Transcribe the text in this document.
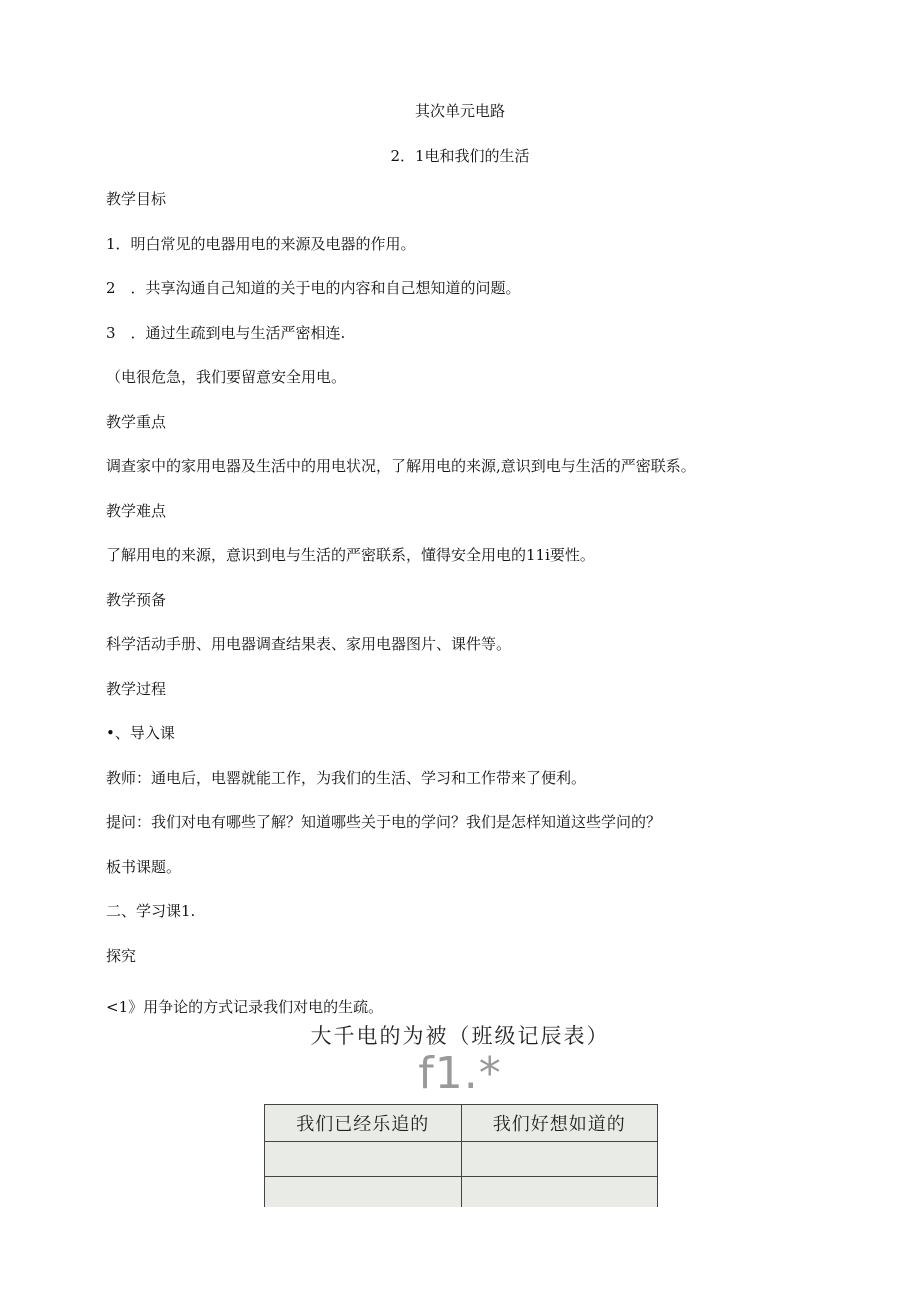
其次单元电路
2．1电和我们的生活
教学目标
1．明白常见的电器用电的来源及电器的作用。
2　．共享沟通自己知道的关于电的内容和自己想知道的问题。
3　．通过生疏到电与生活严密相连.
（电很危急，我们要留意安全用电。
教学重点
调查家中的家用电器及生活中的用电状况，了解用电的来源,意识到电与生活的严密联系。
教学难点
了解用电的来源，意识到电与生活的严密联系，懂得安全用电的11i要性。
教学预备
科学活动手册、用电器调查结果表、家用电器图片、课件等。
教学过程
•、导入课
教师：通电后，电罂就能工作，为我们的生活、学习和工作带来了便利。
提问：我们对电有哪些了解？知道哪些关于电的学问？我们是怎样知道这些学问的？
板书课题。
二、学习课1.
探究
<1》用争论的方式记录我们对电的生疏。
大千电的为被（班级记辰表）
f1.*
我们已经乐追的	我们好想如道的
